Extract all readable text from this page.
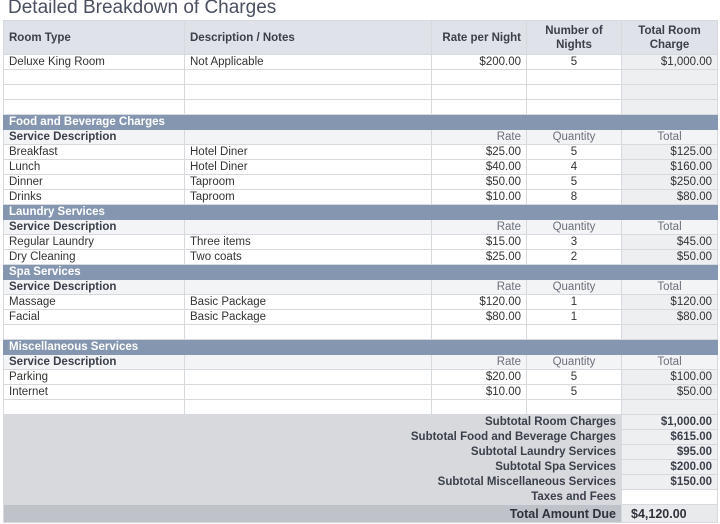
Detailed Breakdown of Charges
Room Type	Description / Notes	Rate per Night	Number of Nights	Total Room Charge
Deluxe King Room	Not Applicable	$200.00	5	$1,000.00

Food and Beverage Charges				
Service Description		Rate	Quantity	Total
Breakfast	Hotel Diner	$25.00	5	$125.00
Lunch	Hotel Diner	$40.00	4	$160.00
Dinner	Taproom	$50.00	5	$250.00
Drinks	Taproom	$10.00	8	$80.00
Laundry Services				
Service Description		Rate	Quantity	Total
Regular Laundry	Three items	$15.00	3	$45.00
Dry Cleaning	Two coats	$25.00	2	$50.00
Spa Services				
Service Description		Rate	Quantity	Total
Massage	Basic Package	$120.00	1	$120.00
Facial	Basic Package	$80.00	1	$80.00

Miscellaneous Services				
Service Description		Rate	Quantity	Total
Parking		$20.00	5	$100.00
Internet		$10.00	5	$50.00

Subtotal Room Charges				$1,000.00
Subtotal Food and Beverage Charges				$615.00
Subtotal Laundry Services				$95.00
Subtotal Spa Services				$200.00
Subtotal Miscellaneous Services				$150.00
Taxes and Fees				
Total Amount Due				$4,120.00
